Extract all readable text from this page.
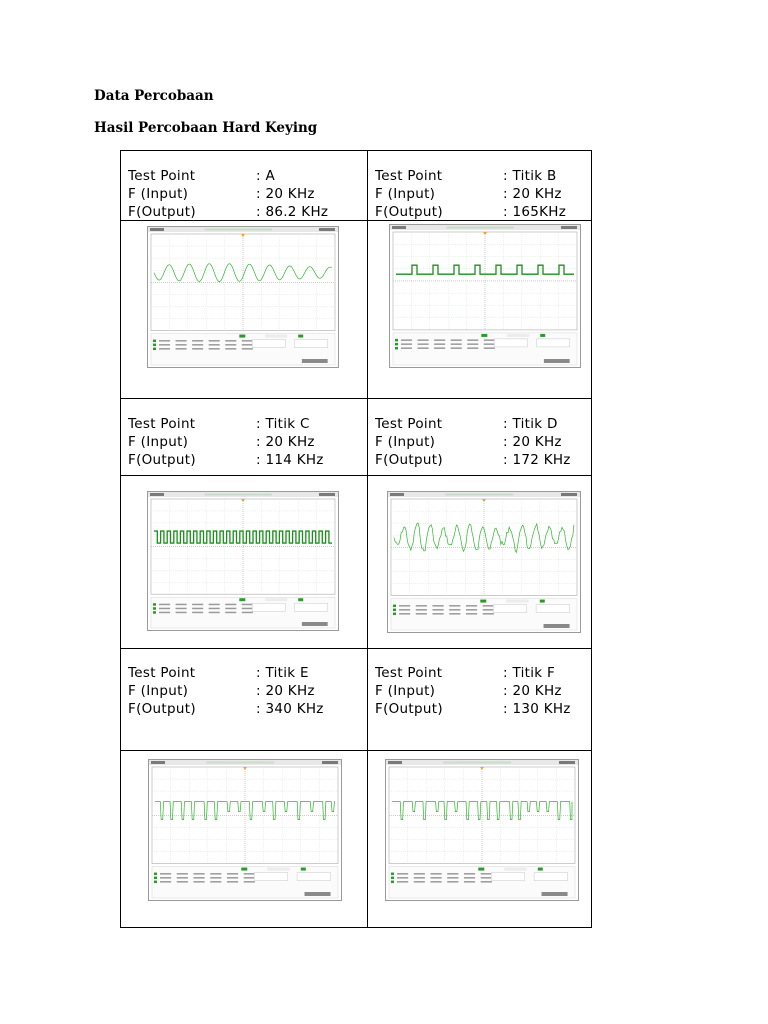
Data Percobaan
Hasil Percobaan Hard Keying
Test Point	: A
F (Input)	: 20 KHz
F(Output)	: 86.2 KHz
Test Point	: Titik B
F (Input)	: 20 KHz
F(Output)	: 165KHz
Test Point	: Titik C
F (Input)	: 20 KHz
F(Output)	: 114 KHz
Test Point	: Titik D
F (Input)	: 20 KHz
F(Output)	: 172 KHz
Test Point	: Titik E
F (Input)	: 20 KHz
F(Output)	: 340 KHz
Test Point	: Titik F
F (Input)	: 20 KHz
F(Output)	: 130 KHz
